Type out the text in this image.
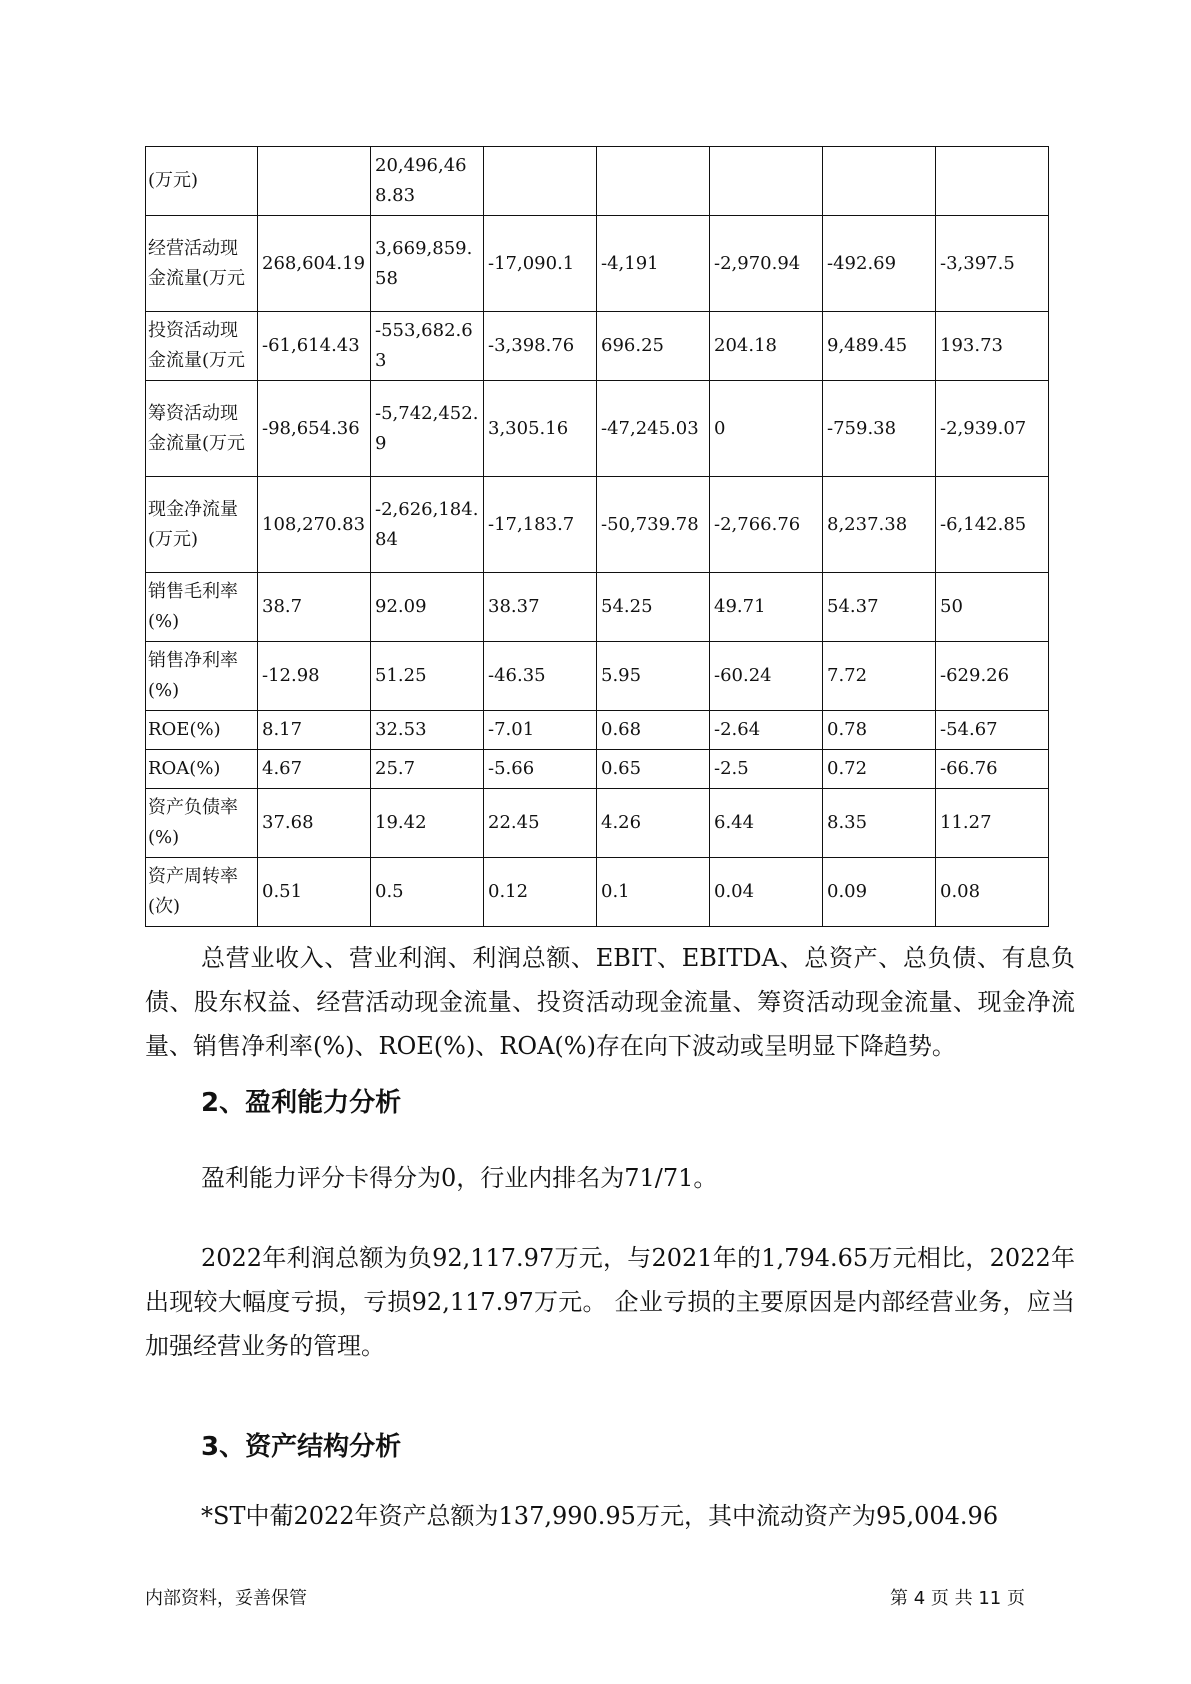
(万元)		20,496,468.83					
经营活动现金流量(万元	268,604.19	3,669,859.58	-17,090.1	-4,191	-2,970.94	-492.69	-3,397.5
投资活动现金流量(万元	-61,614.43	-553,682.63	-3,398.76	696.25	204.18	9,489.45	193.73
筹资活动现金流量(万元	-98,654.36	-5,742,452.9	3,305.16	-47,245.03	0	-759.38	-2,939.07
现金净流量(万元)	108,270.83	-2,626,184.84	-17,183.7	-50,739.78	-2,766.76	8,237.38	-6,142.85
销售毛利率(%)	38.7	92.09	38.37	54.25	49.71	54.37	50
销售净利率(%)	-12.98	51.25	-46.35	5.95	-60.24	7.72	-629.26
ROE(%)	8.17	32.53	-7.01	0.68	-2.64	0.78	-54.67
ROA(%)	4.67	25.7	-5.66	0.65	-2.5	0.72	-66.76
资产负债率(%)	37.68	19.42	22.45	4.26	6.44	8.35	11.27
资产周转率(次)	0.51	0.5	0.12	0.1	0.04	0.09	0.08

总营业收入、营业利润、利润总额、EBIT、EBITDA、总资产、总负债、有息负债、股东权益、经营活动现金流量、投资活动现金流量、筹资活动现金流量、现金净流量、销售净利率(%)、ROE(%)、ROA(%)存在向下波动或呈明显下降趋势。

2、盈利能力分析

盈利能力评分卡得分为0，行业内排名为71/71。

2022年利润总额为负92,117.97万元，与2021年的1,794.65万元相比，2022年出现较大幅度亏损，亏损92,117.97万元。 企业亏损的主要原因是内部经营业务，应当加强经营业务的管理。

3、资产结构分析

*ST中葡2022年资产总额为137,990.95万元，其中流动资产为95,004.96

内部资料，妥善保管	第 4 页 共 11 页
